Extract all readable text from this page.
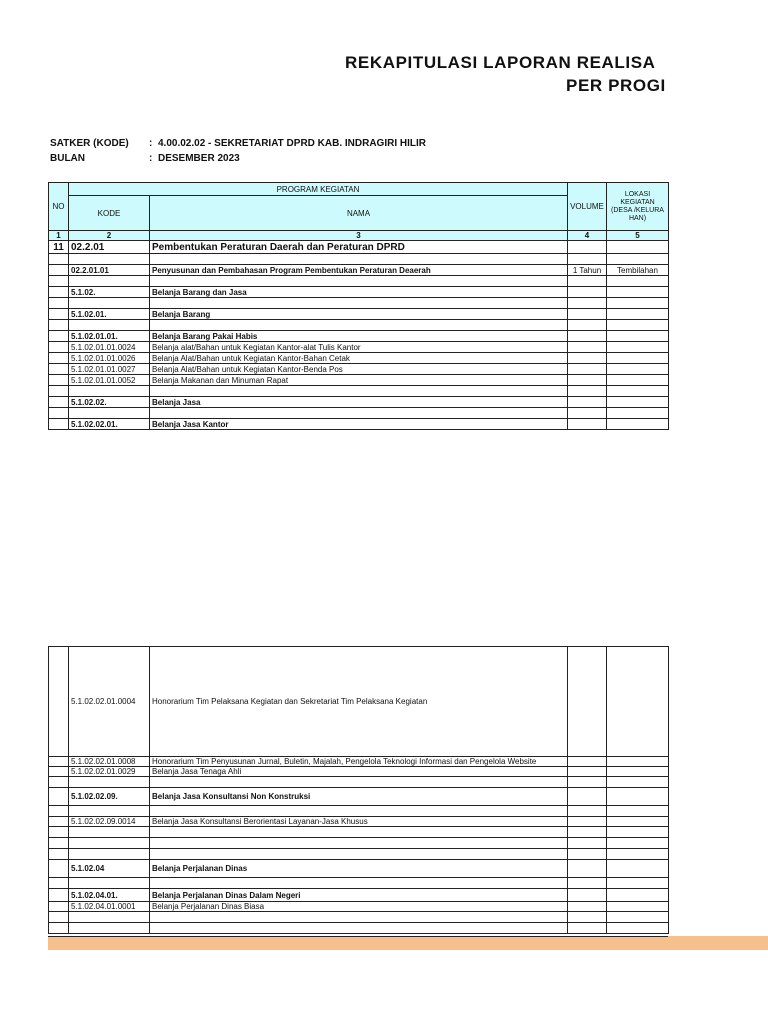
REKAPITULASI LAPORAN REALISA
PER PROGI
SATKER (KODE) : 4.00.02.02 - SEKRETARIAT DPRD KAB. INDRAGIRI HILIR
BULAN	: DESEMBER 2023
NO	PROGRAM KEGIATAN		VOLUME	LOKASI KEGIATAN (DESA /KELURA HAN)
	KODE	NAMA		
1	2	3	4	5
11	02.2.01	Pembentukan Peraturan Daerah dan Peraturan DPRD		

	02.2.01.01	Penyusunan dan Pembahasan Program Pembentukan Peraturan Deaerah	1 Tahun	Tembilahan

	5.1.02.	Belanja Barang dan Jasa		

	5.1.02.01.	Belanja Barang		

	5.1.02.01.01.	Belanja Barang Pakai Habis		
	5.1.02.01.01.0024	Belanja alat/Bahan untuk Kegiatan Kantor-alat Tulis Kantor		
	5.1.02.01.01.0026	Belanja Alat/Bahan untuk Kegiatan Kantor-Bahan Cetak		
	5.1.02.01.01.0027	Belanja Alat/Bahan untuk Kegiatan Kantor-Benda Pos		
	5.1.02.01.01.0052	Belanja Makanan dan Minuman Rapat		

	5.1.02.02.	Belanja Jasa		

	5.1.02.02.01.	Belanja Jasa Kantor		
	5.1.02.02.01.0004	Honorarium Tim Pelaksana Kegiatan dan Sekretariat Tim Pelaksana Kegiatan		
	5.1.02.02.01.0008	Honorarium Tim Penyusunan Jurnal, Buletin, Majalah, Pengelola Teknologi Informasi dan Pengelola Website		
	5.1.02.02.01.0029	Belanja Jasa Tenaga Ahli		

	5.1.02.02.09.	Belanja Jasa Konsultansi Non Konstruksi		

	5.1.02.02.09.0014	Belanja Jasa Konsultansi Berorientasi Layanan-Jasa Khusus		

	5.1.02.04	Belanja Perjalanan Dinas		

	5.1.02.04.01.	Belanja Perjalanan Dinas Dalam Negeri		
	5.1.02.04.01.0001	Belanja Perjalanan Dinas Biasa		
